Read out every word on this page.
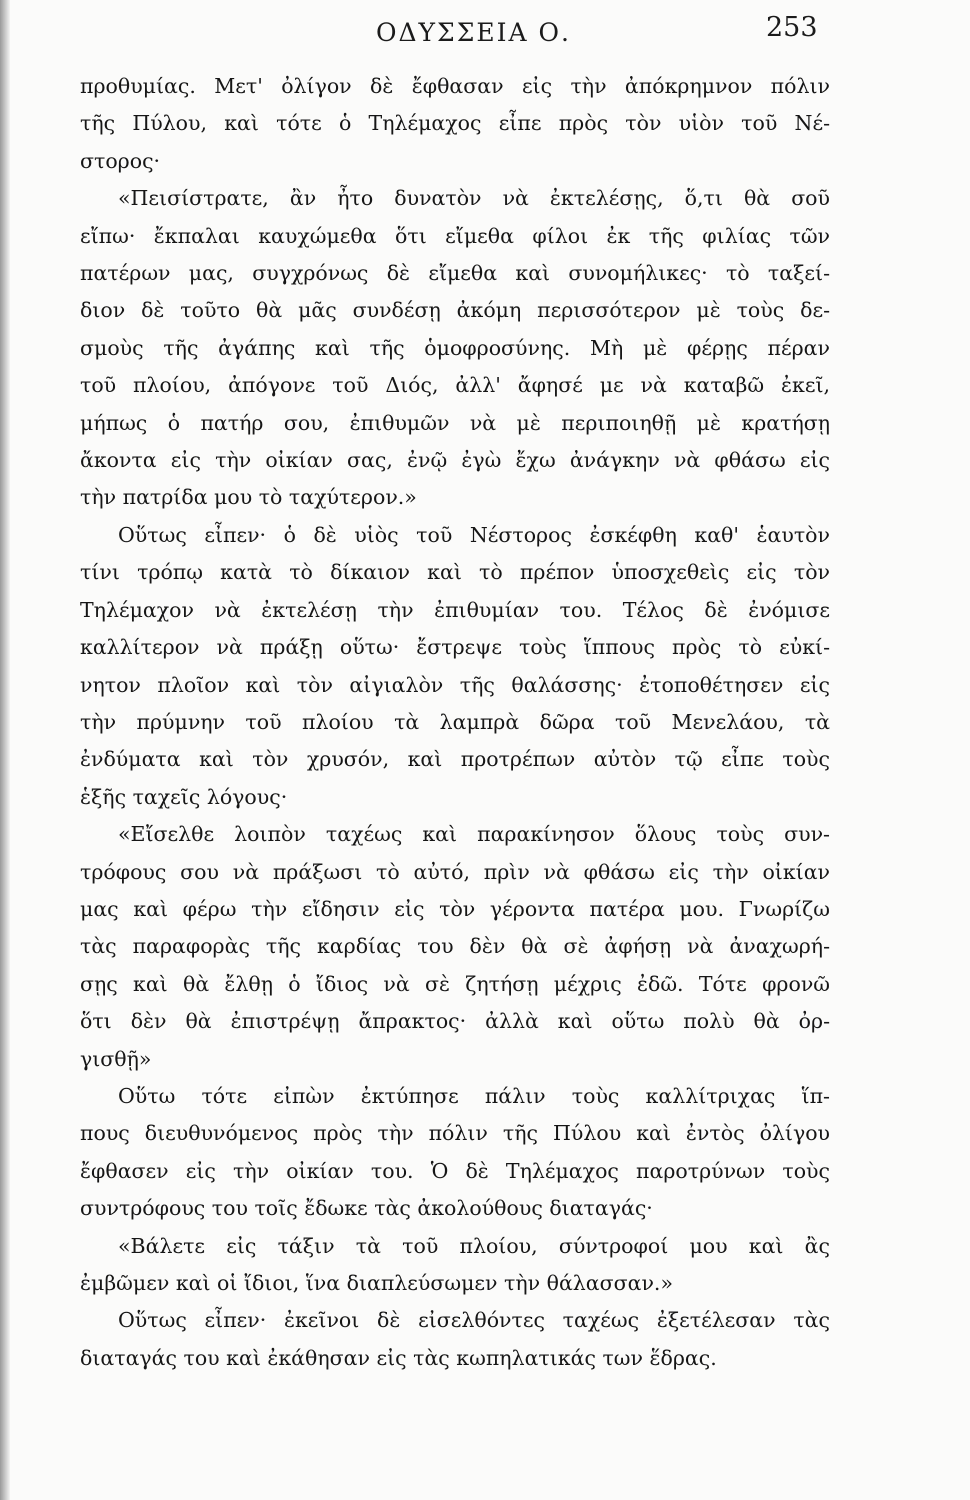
ΟΔΥΣΣΕΙΑ Ο.	253
προθυμίας. Μετ' ὀλίγον δὲ ἔφθασαν εἰς τὴν ἀπόκρημνον πόλιν
τῆς Πύλου, καὶ τότε ὁ Τηλέμαχος εἶπε πρὸς τὸν υἱὸν τοῦ Νέ-
στορος·
«Πεισίστρατε, ἂν ἦτο δυνατὸν νὰ ἐκτελέσῃς, ὅ,τι θὰ σοῦ
εἴπω· ἔκπαλαι καυχώμεθα ὅτι εἴμεθα φίλοι ἐκ τῆς φιλίας τῶν
πατέρων μας, συγχρόνως δὲ εἴμεθα καὶ συνομήλικες· τὸ ταξεί-
διον δὲ τοῦτο θὰ μᾶς συνδέσῃ ἀκόμη περισσότερον μὲ τοὺς δε-
σμοὺς τῆς ἀγάπης καὶ τῆς ὁμοφροσύνης. Μὴ μὲ φέρῃς πέραν
τοῦ πλοίου, ἀπόγονε τοῦ Διός, ἀλλ' ἄφησέ με νὰ καταβῶ ἐκεῖ,
μήπως ὁ πατήρ σου, ἐπιθυμῶν νὰ μὲ περιποιηθῇ μὲ κρατήσῃ
ἄκοντα εἰς τὴν οἰκίαν σας, ἐνῷ ἐγὼ ἔχω ἀνάγκην νὰ φθάσω εἰς
τὴν πατρίδα μου τὸ ταχύτερον.»
Οὕτως εἶπεν· ὁ δὲ υἱὸς τοῦ Νέστορος ἐσκέφθη καθ' ἑαυτὸν
τίνι τρόπῳ κατὰ τὸ δίκαιον καὶ τὸ πρέπον ὑποσχεθεὶς εἰς τὸν
Τηλέμαχον νὰ ἐκτελέσῃ τὴν ἐπιθυμίαν του. Τέλος δὲ ἐνόμισε
καλλίτερον νὰ πράξῃ οὕτω· ἔστρεψε τοὺς ἵππους πρὸς τὸ εὐκί-
νητον πλοῖον καὶ τὸν αἰγιαλὸν τῆς θαλάσσης· ἐτοποθέτησεν εἰς
τὴν πρύμνην τοῦ πλοίου τὰ λαμπρὰ δῶρα τοῦ Μενελάου, τὰ
ἐνδύματα καὶ τὸν χρυσόν, καὶ προτρέπων αὐτὸν τῷ εἶπε τοὺς
ἑξῆς ταχεῖς λόγους·
«Εἴσελθε λοιπὸν ταχέως καὶ παρακίνησον ὅλους τοὺς συν-
τρόφους σου νὰ πράξωσι τὸ αὐτό, πρὶν νὰ φθάσω εἰς τὴν οἰκίαν
μας καὶ φέρω τὴν εἴδησιν εἰς τὸν γέροντα πατέρα μου. Γνωρίζω
τὰς παραφορὰς τῆς καρδίας του δὲν θὰ σὲ ἀφήσῃ νὰ ἀναχωρή-
σῃς καὶ θὰ ἔλθῃ ὁ ἴδιος νὰ σὲ ζητήσῃ μέχρις ἐδῶ. Τότε φρονῶ
ὅτι δὲν θὰ ἐπιστρέψῃ ἄπρακτος· ἀλλὰ καὶ οὕτω πολὺ θὰ ὀρ-
γισθῇ»
Οὕτω τότε εἰπὼν ἐκτύπησε πάλιν τοὺς καλλίτριχας ἵπ-
πους διευθυνόμενος πρὸς τὴν πόλιν τῆς Πύλου καὶ ἐντὸς ὀλίγου
ἔφθασεν εἰς τὴν οἰκίαν του. Ὁ δὲ Τηλέμαχος παροτρύνων τοὺς
συντρόφους του τοῖς ἔδωκε τὰς ἀκολούθους διαταγάς·
«Βάλετε εἰς τάξιν τὰ τοῦ πλοίου, σύντροφοί μου καὶ ἂς
ἐμβῶμεν καὶ οἱ ἴδιοι, ἵνα διαπλεύσωμεν τὴν θάλασσαν.»
Οὕτως εἶπεν· ἐκεῖνοι δὲ εἰσελθόντες ταχέως ἐξετέλεσαν τὰς
διαταγάς του καὶ ἐκάθησαν εἰς τὰς κωπηλατικάς των ἕδρας.
